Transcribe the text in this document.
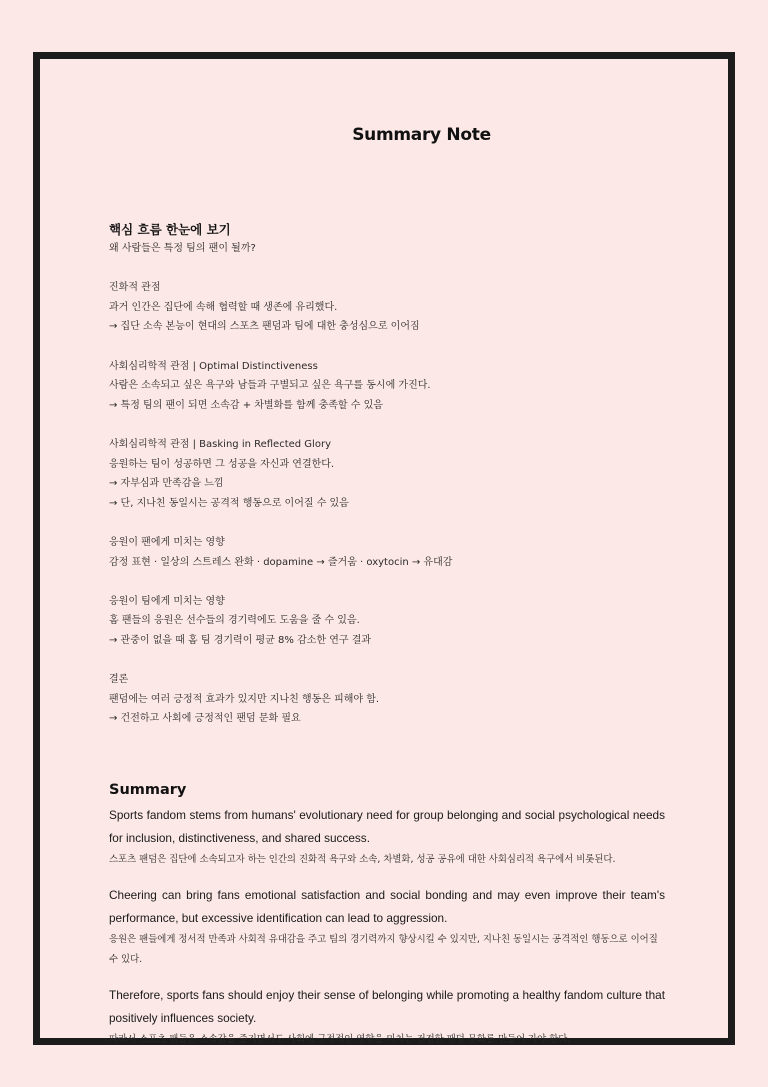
Summary Note

핵심 흐름 한눈에 보기

왜 사람들은 특정 팀의 팬이 될까?

진화적 관점

과거 인간은 집단에 속해 협력할 때 생존에 유리했다.

→ 집단 소속 본능이 현대의 스포츠 팬덤과 팀에 대한 충성심으로 이어짐

사회심리학적 관점 | Optimal Distinctiveness

사람은 소속되고 싶은 욕구와 남들과 구별되고 싶은 욕구를 동시에 가진다.

→ 특정 팀의 팬이 되면 소속감 + 차별화를 함께 충족할 수 있음

사회심리학적 관점 | Basking in Reflected Glory

응원하는 팀이 성공하면 그 성공을 자신과 연결한다.

→ 자부심과 만족감을 느낌

→ 단, 지나친 동일시는 공격적 행동으로 이어질 수 있음

응원이 팬에게 미치는 영향

감정 표현 · 일상의 스트레스 완화 · dopamine → 즐거움 · oxytocin → 유대감

응원이 팀에게 미치는 영향

홈 팬들의 응원은 선수들의 경기력에도 도움을 줄 수 있음.

→ 관중이 없을 때 홈 팀 경기력이 평균 8% 감소한 연구 결과

결론

팬덤에는 여러 긍정적 효과가 있지만 지나친 행동은 피해야 함.

→ 건전하고 사회에 긍정적인 팬덤 문화 필요

Summary

Sports fandom stems from humans' evolutionary need for group belonging and social psychological needs for inclusion, distinctiveness, and shared success.

스포츠 팬덤은 집단에 소속되고자 하는 인간의 진화적 욕구와 소속, 차별화, 성공 공유에 대한 사회심리적 욕구에서 비롯된다.

Cheering can bring fans emotional satisfaction and social bonding and may even improve their team's performance, but excessive identification can lead to aggression.

응원은 팬들에게 정서적 만족과 사회적 유대감을 주고 팀의 경기력까지 향상시킬 수 있지만, 지나친 동일시는 공격적인 행동으로 이어질 수 있다.

Therefore, sports fans should enjoy their sense of belonging while promoting a healthy fandom culture that positively influences society.

따라서 스포츠 팬들은 소속감을 즐기면서도 사회에 긍정적인 영향을 미치는 건전한 팬덤 문화를 만들어 가야 한다.
